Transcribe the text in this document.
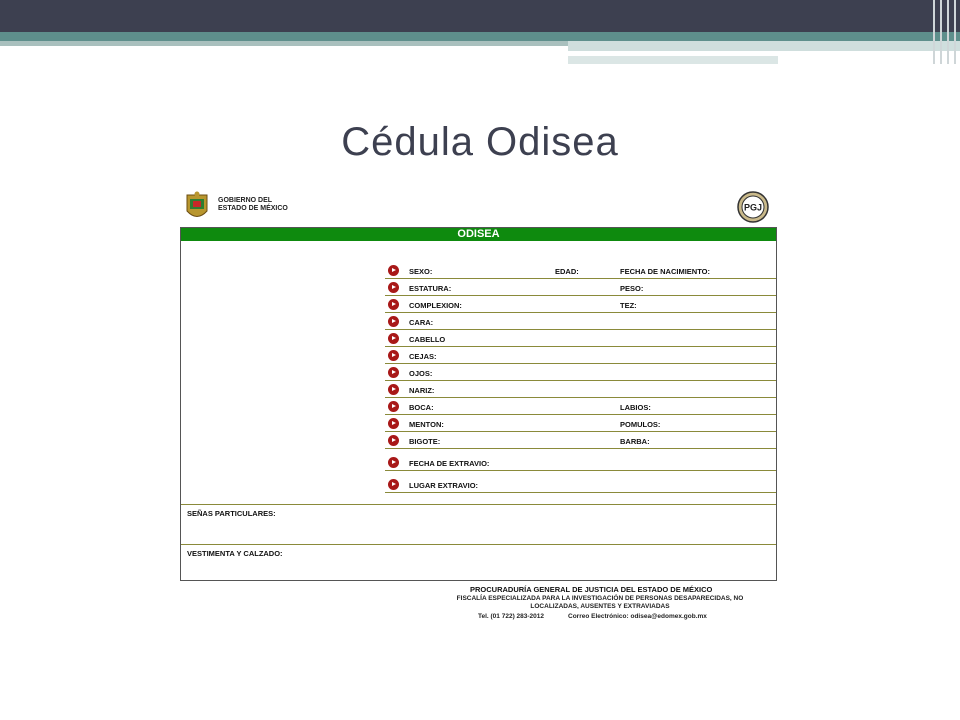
Cédula Odisea
GOBIERNO DEL
ESTADO DE MÉXICO	PGJ
ODISEA
SEXO:	EDAD:	FECHA DE NACIMIENTO:
ESTATURA:	PESO:
COMPLEXION:	TEZ:
CARA:
CABELLO
CEJAS:
OJOS:
NARIZ:
BOCA:	LABIOS:
MENTON:	POMULOS:
BIGOTE:	BARBA:
FECHA DE EXTRAVIO:
LUGAR EXTRAVIO:
SEÑAS PARTICULARES:
VESTIMENTA Y CALZADO:
PROCURADURÍA GENERAL DE JUSTICIA DEL ESTADO DE MÉXICO
FISCALÍA ESPECIALIZADA PARA LA INVESTIGACIÓN DE PERSONAS DESAPARECIDAS, NO LOCALIZADAS, AUSENTES Y EXTRAVIADAS
Tel. (01 722) 283-2012	Correo Electrónico: odisea@edomex.gob.mx
